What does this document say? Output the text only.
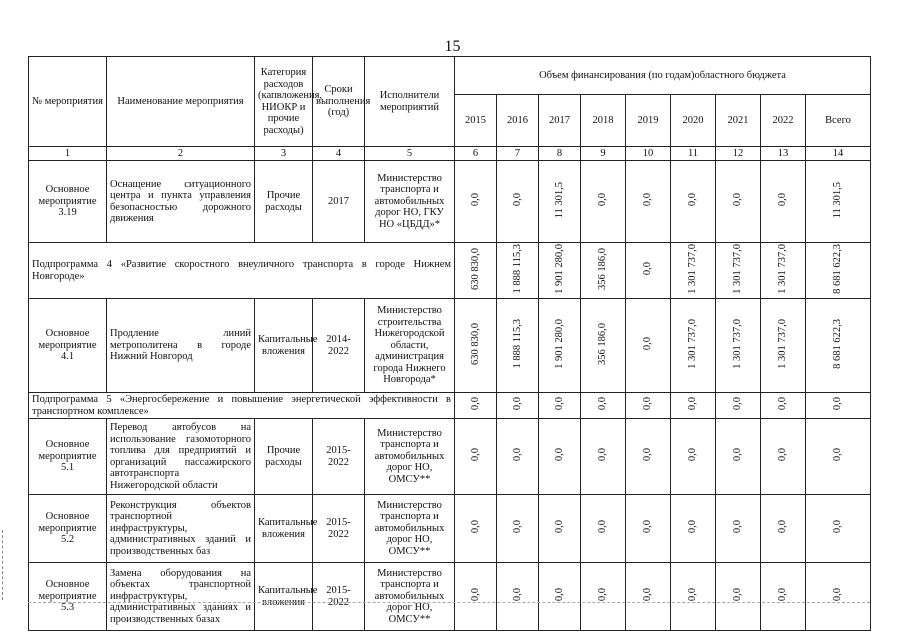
15
№ мероприятия	Наименование мероприятия	Категория расходов (капвложения, НИОКР и прочие расходы)	Сроки выполнения (год)	Исполнители мероприятий	Объем финансирования (по годам)областного бюджета								
					2015	2016	2017	2018	2019	2020	2021	2022	Всего
1	2	3	4	5	6	7	8	9	10	11	12	13	14
Основное мероприятие 3.19	Оснащение ситуационного центра и пункта управления безопасностью дорожного движения	Прочие расходы	2017	Министерство транспорта и автомобильных дорог НО, ГКУ НО «ЦБДД»*	0,0	0,0	11 301,5	0,0	0,0	0,0	0,0	0,0	11 301,5
Подпрограмма 4 «Развитие скоростного внеуличного транспорта в городе Нижнем Новгороде»					630 830,0	1 888 115,3	1 901 280,0	356 186,0	0,0	1 301 737,0	1 301 737,0	1 301 737,0	8 681 622,3
Основное мероприятие 4.1	Продление линий метрополитена в городе Нижний Новгород	Капитальные вложения	2014-2022	Министерство строительства Нижегородской области, администрация города Нижнего Новгорода*	630 830,0	1 888 115,3	1 901 280,0	356 186,0	0,0	1 301 737,0	1 301 737,0	1 301 737,0	8 681 622,3
Подпрограмма 5 «Энергосбережение и повышение энергетической эффективности в транспортном комплексе»					0,0	0,0	0,0	0,0	0,0	0,0	0,0	0,0	0,0
Основное мероприятие 5.1	Перевод автобусов на использование газомоторного топлива для предприятий и организаций пассажирского автотранспорта Нижегородской области	Прочие расходы	2015-2022	Министерство транспорта и автомобильных дорог НО, ОМСУ**	0,0	0,0	0,0	0,0	0,0	0,0	0,0	0,0	0,0
Основное мероприятие 5.2	Реконструкция объектов транспортной инфраструктуры, административных зданий и производственных баз	Капитальные вложения	2015-2022	Министерство транспорта и автомобильных дорог НО, ОМСУ**	0,0	0,0	0,0	0,0	0,0	0,0	0,0	0,0	0,0
Основное мероприятие 5.3	Замена оборудования на объектах транспортной инфраструктуры, административных зданиях и производственных базах	Капитальные вложения	2015-2022	Министерство транспорта и автомобильных дорог НО, ОМСУ**	0,0	0,0	0,0	0,0	0,0	0,0	0,0	0,0	0,0
